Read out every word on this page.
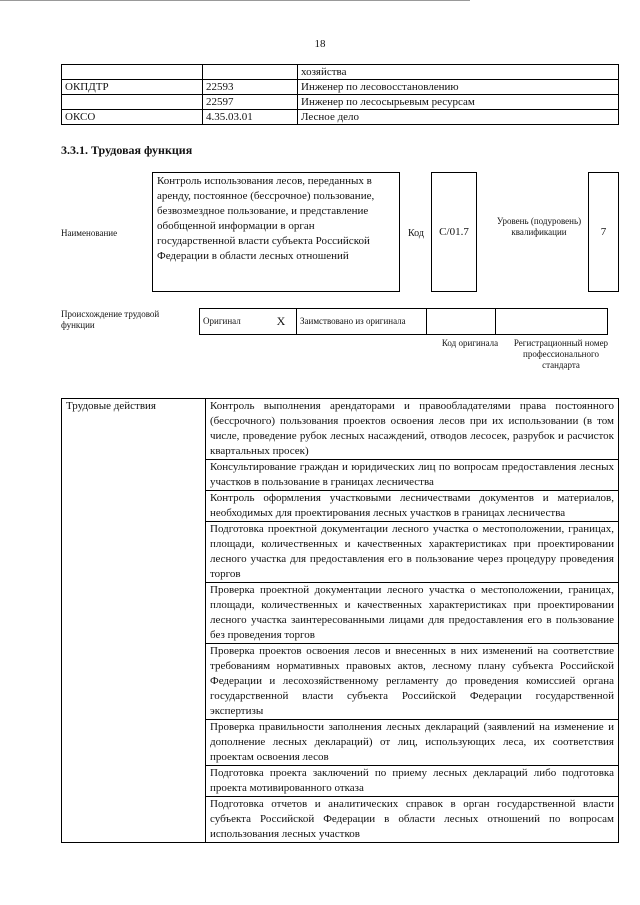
18
		хозяйства
ОКПДТР	22593	Инженер по лесовосстановлению
	22597	Инженер по лесосырьевым ресурсам
ОКСО	4.35.03.01	Лесное дело
3.3.1. Трудовая функция
Наименование
Контроль использования лесов, переданных в аренду, постоянное (бессрочное) пользование, безвозмездное пользование, и представление обобщенной информации в орган государственной власти субъекта Российской Федерации в области лесных отношений
Код	C/01.7
Уровень (подуровень) квалификации	7
Происхождение трудовой функции	Оригинал	X	Заимствовано из оригинала		
Код оригинала	Регистрационный номер профессионального стандарта
Трудовые действия	Контроль выполнения арендаторами и правообладателями права постоянного (бессрочного) пользования проектов освоения лесов при их использовании (в том числе, проведение рубок лесных насаждений, отводов лесосек, разрубок и расчисток квартальных просек)
Консультирование граждан и юридических лиц по вопросам предоставления лесных участков в пользование в границах лесничества
Контроль оформления участковыми лесничествами документов и материалов, необходимых для проектирования лесных участков в границах лесничества
Подготовка проектной документации лесного участка о местоположении, границах, площади, количественных и качественных характеристиках при проектировании лесного участка для предоставления его в пользование через процедуру проведения торгов
Проверка проектной документации лесного участка о местоположении, границах, площади, количественных и качественных характеристиках при проектировании лесного участка заинтересованными лицами для предоставления его в пользование без проведения торгов
Проверка проектов освоения лесов и внесенных в них изменений на соответствие требованиям нормативных правовых актов, лесному плану субъекта Российской Федерации и лесохозяйственному регламенту до проведения комиссией органа государственной власти субъекта Российской Федерации государственной экспертизы
Проверка правильности заполнения лесных деклараций (заявлений на изменение и дополнение лесных деклараций) от лиц, использующих леса, их соответствия проектам освоения лесов
Подготовка проекта заключений по приему лесных деклараций либо подготовка проекта мотивированного отказа
Подготовка отчетов и аналитических справок в орган государственной власти субъекта Российской Федерации в области лесных отношений по вопросам использования лесных участков
